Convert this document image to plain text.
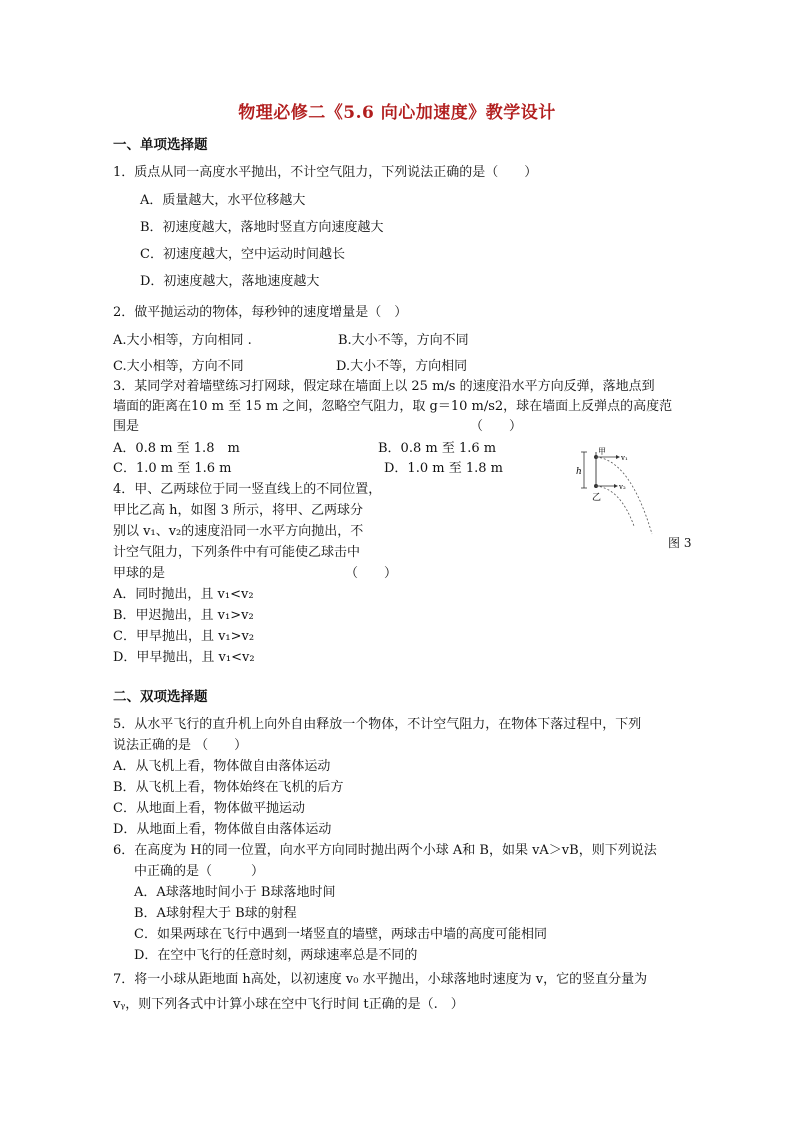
物理必修二《5.6 向心加速度》教学设计
一、单项选择题
1．质点从同一高度水平抛出，不计空气阻力，下列说法正确的是（　　）
A．质量越大，水平位移越大
B．初速度越大，落地时竖直方向速度越大
C．初速度越大，空中运动时间越长
D．初速度越大，落地速度越大
2．做平抛运动的物体，每秒钟的速度增量是（　）
A.大小相等，方向相同 .	B.大小不等，方向不同
C.大小相等，方向不同	D.大小不等，方向相同
3．某同学对着墙壁练习打网球，假定球在墙面上以 25 m/s 的速度沿水平方向反弹，落地点到
墙面的距离在10 m 至 15 m 之间，忽略空气阻力，取 g＝10 m/s2，球在墙面上反弹点的高度范
围是	（　　）
A．0.8 m 至 1.8　m	B．0.8 m 至 1.6 m
C．1.0 m 至 1.6 m	D．1.0 m 至 1.8 m
4．甲、乙两球位于同一竖直线上的不同位置，
甲比乙高 h，如图 3 所示，将甲、乙两球分
别以 v₁、v₂的速度沿同一水平方向抛出，不
计空气阻力，下列条件中有可能使乙球击中
甲球的是	（　　）
A．同时抛出，且 v₁<v₂
B．甲迟抛出，且 v₁>v₂
C．甲早抛出，且 v₁>v₂
D．甲早抛出，且 v₁<v₂
h
甲
乙
v₁
v₂
图 3
二、双项选择题
5．从水平飞行的直升机上向外自由释放一个物体，不计空气阻力，在物体下落过程中，下列
说法正确的是 （　　）
A．从飞机上看，物体做自由落体运动
B．从飞机上看，物体始终在飞机的后方
C．从地面上看，物体做平抛运动
D．从地面上看，物体做自由落体运动
6．在高度为 H的同一位置，向水平方向同时抛出两个小球 A和 B，如果 vA＞vB，则下列说法
中正确的是（　　　）
A．A球落地时间小于 B球落地时间
B．A球射程大于 B球的射程
C．如果两球在飞行中遇到一堵竖直的墙壁，两球击中墙的高度可能相同
D．在空中飞行的任意时刻，两球速率总是不同的
7．将一小球从距地面 h高处，以初速度 v₀ 水平抛出，小球落地时速度为 v，它的竖直分量为
vᵧ，则下列各式中计算小球在空中飞行时间 t正确的是（.　）
